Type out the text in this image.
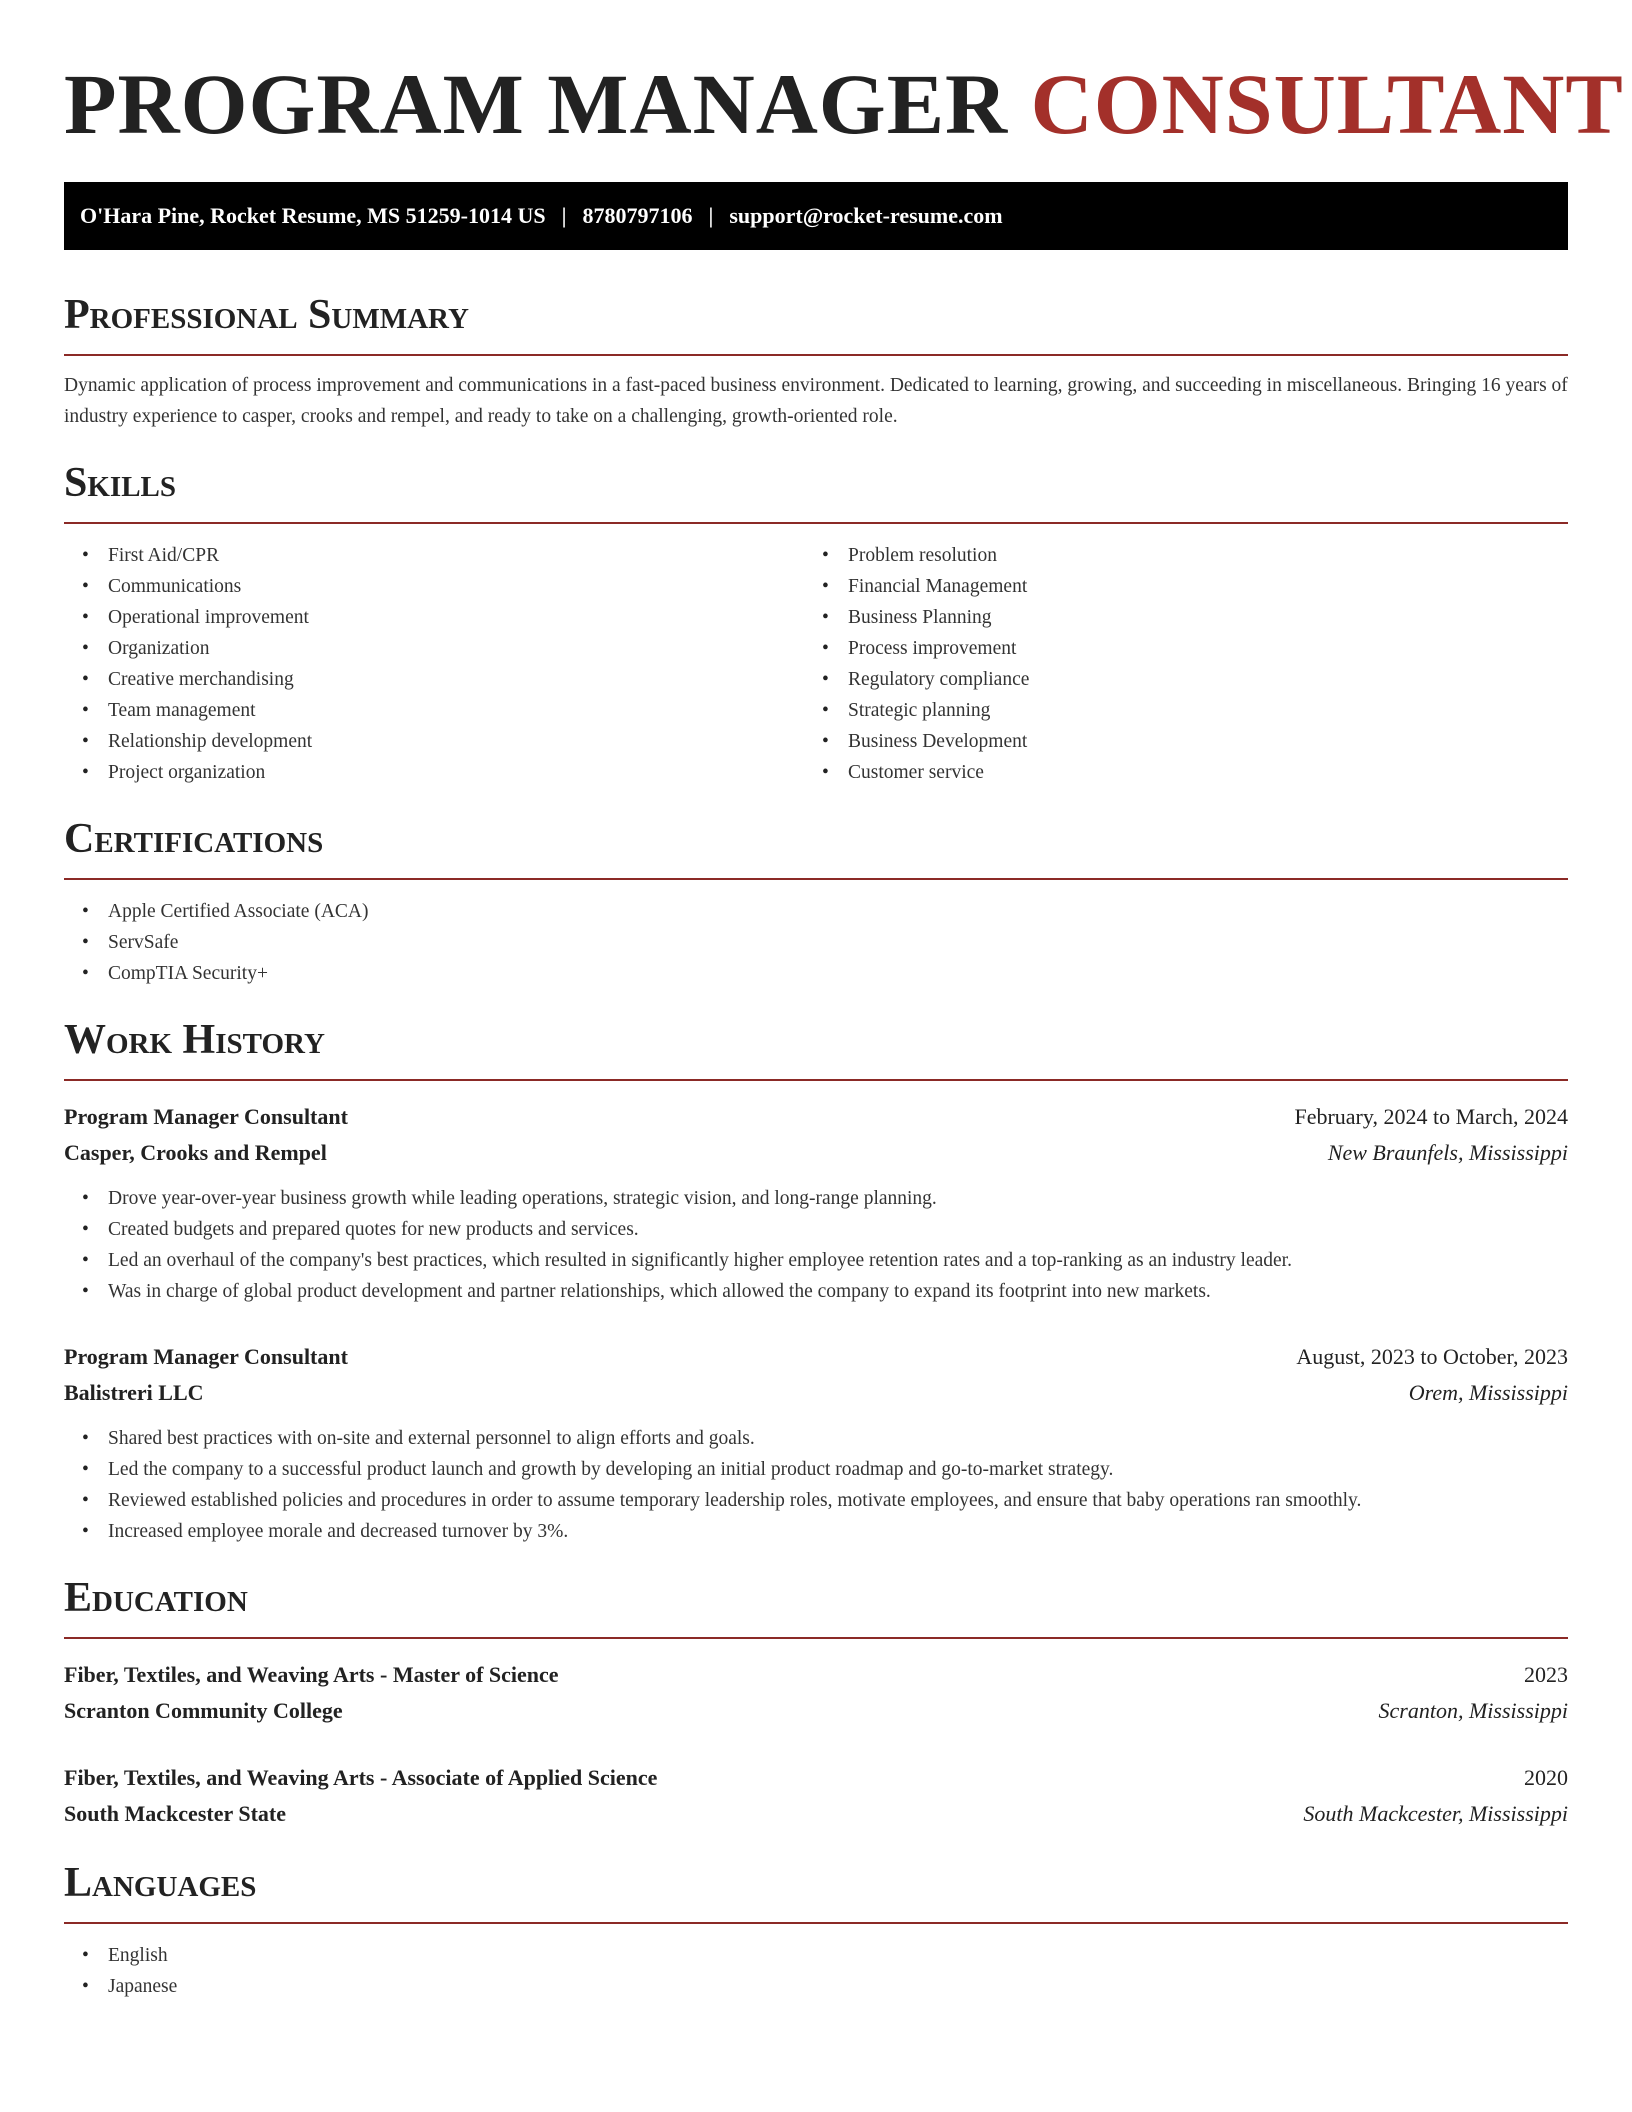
PROGRAM MANAGER CONSULTANT
O'Hara Pine, Rocket Resume, MS 51259-1014 US | 8780797106 | support@rocket-resume.com
Professional Summary

Dynamic application of process improvement and communications in a fast-paced business environment. Dedicated to learning, growing, and succeeding in miscellaneous. Bringing 16 years of industry experience to casper, crooks and rempel, and ready to take on a challenging, growth-oriented role.

Skills
• First Aid/CPR
• Communications
• Operational improvement
• Organization
• Creative merchandising
• Team management
• Relationship development
• Project organization
• Problem resolution
• Financial Management
• Business Planning
• Process improvement
• Regulatory compliance
• Strategic planning
• Business Development
• Customer service
Certifications
• Apple Certified Associate (ACA)
• ServSafe
• CompTIA Security+
Work History
Program Manager Consultant	February, 2024 to March, 2024
Casper, Crooks and Rempel	New Braunfels, Mississippi
• Drove year-over-year business growth while leading operations, strategic vision, and long-range planning.
• Created budgets and prepared quotes for new products and services.
• Led an overhaul of the company's best practices, which resulted in significantly higher employee retention rates and a top-ranking as an industry leader.
• Was in charge of global product development and partner relationships, which allowed the company to expand its footprint into new markets.
Program Manager Consultant	August, 2023 to October, 2023
Balistreri LLC	Orem, Mississippi
• Shared best practices with on-site and external personnel to align efforts and goals.
• Led the company to a successful product launch and growth by developing an initial product roadmap and go-to-market strategy.
• Reviewed established policies and procedures in order to assume temporary leadership roles, motivate employees, and ensure that baby operations ran smoothly.
• Increased employee morale and decreased turnover by 3%.
Education
Fiber, Textiles, and Weaving Arts - Master of Science	2023
Scranton Community College	Scranton, Mississippi
Fiber, Textiles, and Weaving Arts - Associate of Applied Science	2020
South Mackcester State	South Mackcester, Mississippi
Languages
• English
• Japanese
